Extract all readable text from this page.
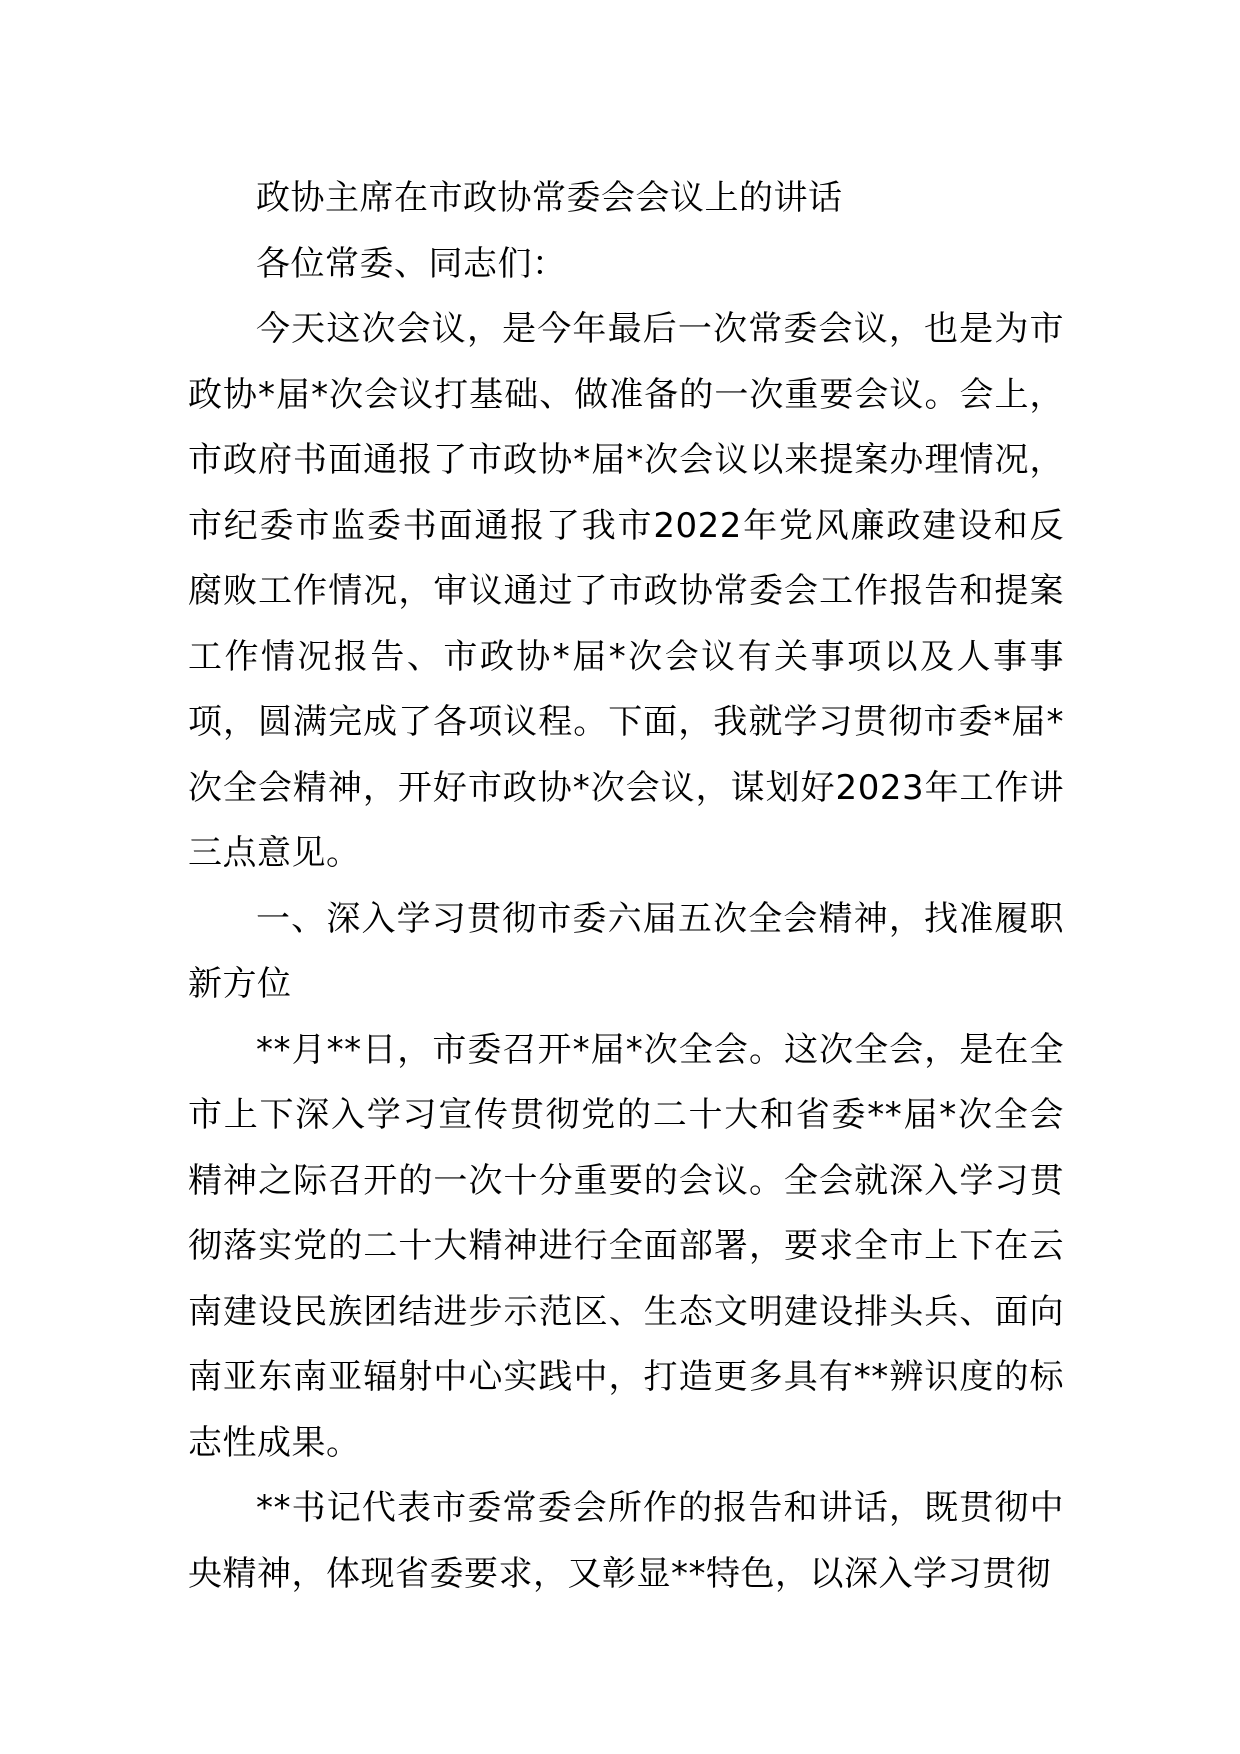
政协主席在市政协常委会会议上的讲话

各位常委、同志们：

今天这次会议，是今年最后一次常委会议，也是为市政协*届*次会议打基础、做准备的一次重要会议。会上，市政府书面通报了市政协*届*次会议以来提案办理情况，市纪委市监委书面通报了我市2022年党风廉政建设和反腐败工作情况，审议通过了市政协常委会工作报告和提案工作情况报告、市政协*届*次会议有关事项以及人事事项，圆满完成了各项议程。下面，我就学习贯彻市委*届*次全会精神，开好市政协*次会议，谋划好2023年工作讲三点意见。

一、深入学习贯彻市委六届五次全会精神，找准履职新方位

**月**日，市委召开*届*次全会。这次全会，是在全市上下深入学习宣传贯彻党的二十大和省委**届*次全会精神之际召开的一次十分重要的会议。全会就深入学习贯彻落实党的二十大精神进行全面部署，要求全市上下在云南建设民族团结进步示范区、生态文明建设排头兵、面向南亚东南亚辐射中心实践中，打造更多具有**辨识度的标志性成果。

**书记代表市委常委会所作的报告和讲话，既贯彻中央精神，体现省委要求，又彰显**特色，以深入学习贯彻
